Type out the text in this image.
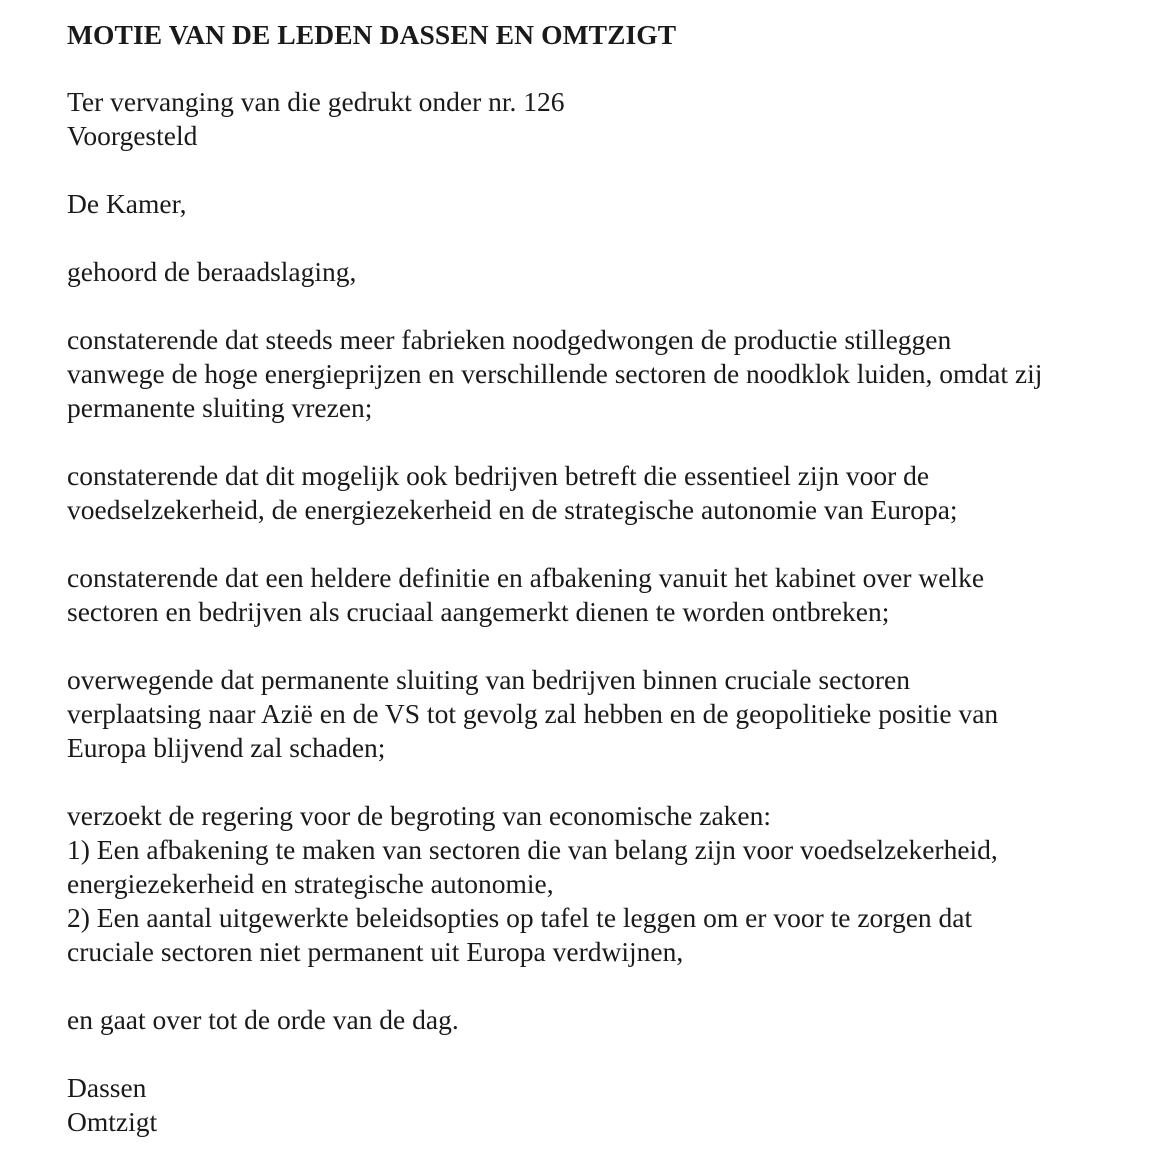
MOTIE VAN DE LEDEN DASSEN EN OMTZIGT
Ter vervanging van die gedrukt onder nr. 126
Voorgesteld
De Kamer,
gehoord de beraadslaging,
constaterende dat steeds meer fabrieken noodgedwongen de productie stilleggen
vanwege de hoge energieprijzen en verschillende sectoren de noodklok luiden, omdat zij
permanente sluiting vrezen;
constaterende dat dit mogelijk ook bedrijven betreft die essentieel zijn voor de
voedselzekerheid, de energiezekerheid en de strategische autonomie van Europa;
constaterende dat een heldere definitie en afbakening vanuit het kabinet over welke
sectoren en bedrijven als cruciaal aangemerkt dienen te worden ontbreken;
overwegende dat permanente sluiting van bedrijven binnen cruciale sectoren
verplaatsing naar Azië en de VS tot gevolg zal hebben en de geopolitieke positie van
Europa blijvend zal schaden;
verzoekt de regering voor de begroting van economische zaken:
1) Een afbakening te maken van sectoren die van belang zijn voor voedselzekerheid,
energiezekerheid en strategische autonomie,
2) Een aantal uitgewerkte beleidsopties op tafel te leggen om er voor te zorgen dat
cruciale sectoren niet permanent uit Europa verdwijnen,
en gaat over tot de orde van de dag.
Dassen
Omtzigt
